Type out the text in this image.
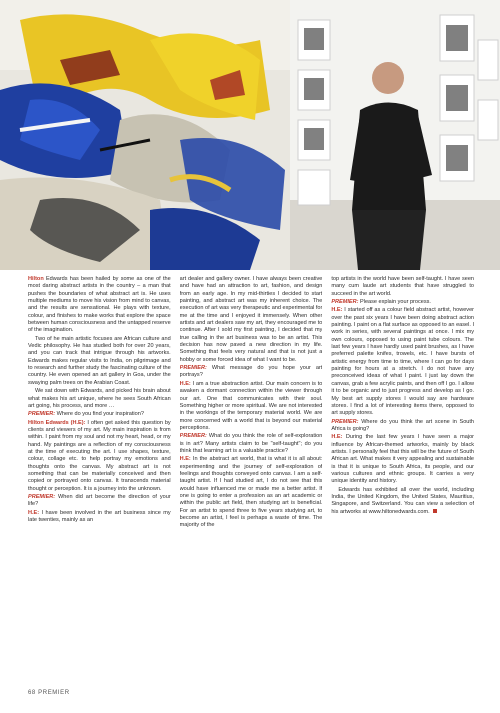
Hilton Edwards has been hailed by some as one of the most daring abstract artists in the country – a man that pushes the boundaries of what abstract art is. He uses multiple mediums to move his vision from mind to canvas, and the results are sensational. He plays with texture, colour, and finishes to make works that explore the space between human consciousness and the untapped reserve of the imagination.

Two of he main artistic focuses are African culture and Vedic philosophy. He has studied both for over 20 years, and you can track that intrigue through his artworks. Edwards makes regular visits to India, on pilgrimage and to research and further study the fascinating culture of the country. He even opened an art gallery in Goa, under the swaying palm trees on the Arabian Coast.

We sat down with Edwards, and picked his brain about what makes his art unique, where he sees South African art going, his process, and more …

PREMIER: Where do you find your inspiration?

Hilton Edwards (H.E): I often get asked this question by clients and viewers of my art. My main inspiration is from within. I paint from my soul and not my heart, head, or my hand. My paintings are a reflection of my consciousness at the time of executing the art. I use shapes, texture, colour, collage etc. to help portray my emotions and thoughts onto the canvas. My abstract art is not something that can be materially conceived and then copied or portrayed onto canvas. It transcends material thought or perception. It is a journey into the unknown.

PREMIER: When did art become the direction of your life?

H.E: I have been involved in the art business since my late twenties, mainly as an

art dealer and gallery owner. I have always been creative and have had an attraction to art, fashion, and design from an early age. In my mid-thirties I decided to start painting, and abstract art was my inherent choice. The execution of art was very therapeutic and experimental for me at the time and I enjoyed it immensely. When other artists and art dealers saw my art, they encouraged me to continue. After I sold my first painting, I decided that my true calling in the art business was to be an artist. This decision has now paved a new direction in my life. Something that feels very natural and that is not just a hobby or some forced idea of what I want to be.

PREMIER: What message do you hope your art portrays?

H.E: I am a true abstraction artist. Our main concern is to awaken a dormant connection within the viewer through our art. One that communicates with their soul. Something higher or more spiritual. We are not interested in the workings of the temporary material world. We are more concerned with a world that is beyond our material perceptions.

PREMIER: What do you think the role of self-exploration is in art? Many artists claim to be "self-taught"; do you think that learning art is a valuable practice?

H.E: In the abstract art world, that is what it is all about: experimenting and the journey of self-exploration of feelings and thoughts conveyed onto canvas. I am a self-taught artist. If I had studied art, I do not see that this would have influenced me or made me a better artist. If one is going to enter a profession as an art academic or within the public art field, then studying art is beneficial. For an artist to spend three to five years studying art, to become an artist, I feel is perhaps a waste of time. The majority of the

top artists in the world have been self-taught. I have seen many cum laude art students that have struggled to succeed in the art world.

PREMIER: Please explain your process.

H.E: I started off as a colour field abstract artist, however over the past six years I have been doing abstract action painting. I paint on a flat surface as opposed to an easel. I work in series, with several paintings at once. I mix my own colours, opposed to using paint tube colours. The last few years I have hardly used paint brushes, as I have preferred palette knifes, trowels, etc. I have bursts of artistic energy from time to time, where I can go for days painting for hours at a stretch. I do not have any preconceived ideas of what I paint. I just lay down the canvas, grab a few acrylic paints, and then off I go. I allow it to be organic and to just progress and develop as I go. My best art supply stores I would say are hardware stores. I find a lot of interesting items there, opposed to art supply stores.

PREMIER: Where do you think the art scene in South Africa is going?

H.E: During the last few years I have seen a major influence by African-themed artworks, mainly by black artists. I personally feel that this will be the future of South African art. What makes it very appealing and sustainable is that it is unique to South Africa, its people, and our various cultures and ethnic groups. It carries a very unique identity and history.

Edwards has exhibited all over the world, including India, the United Kingdom, the United States, Mauritius, Singapore, and Switzerland. You can view a selection of his artworks at www.hiltonedwards.com.

68 PREMIER
